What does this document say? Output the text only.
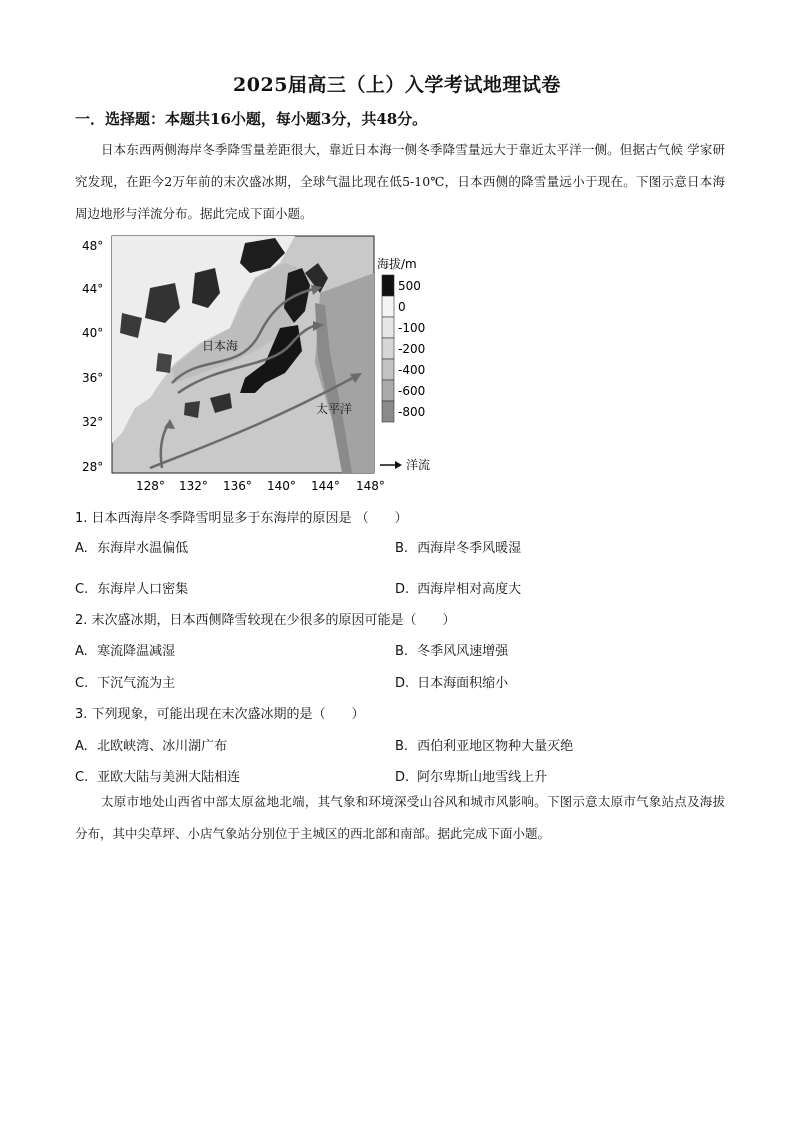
2025届高三（上）入学考试地理试卷
一．选择题：本题共16小题，每小题3分，共48分。

日本东西两侧海岸冬季降雪量差距很大，靠近日本海一侧冬季降雪量远大于靠近太平洋一侧。但据古气候 学家研究发现，在距今2万年前的末次盛冰期，全球气温比现在低5-10℃，日本西侧的降雪量远小于现在。下图示意日本海周边地形与洋流分布。据此完成下面小题。

48°
44°
40°
36°
32°
28°
日本海
太平洋
128° 132° 136° 140° 144° 148°
海拔/m
500
0
-100
-200
-400
-600
-800
洋流
1. 日本西海岸冬季降雪明显多于东海岸的原因是 （　　）
A. 东海岸水温偏低	B. 西海岸冬季风暖湿
C. 东海岸人口密集	D. 西海岸相对高度大
2. 末次盛冰期，日本西侧降雪较现在少很多的原因可能是（　　）
A. 寒流降温减湿	B. 冬季风风速增强
C. 下沉气流为主	D. 日本海面积缩小
3. 下列现象，可能出现在末次盛冰期的是（　　）
A. 北欧峡湾、冰川湖广布	B. 西伯利亚地区物种大量灭绝
C. 亚欧大陆与美洲大陆相连	D. 阿尔卑斯山地雪线上升

太原市地处山西省中部太原盆地北端，其气象和环境深受山谷风和城市风影响。下图示意太原市气象站点及海拔分布，其中尖草坪、小店气象站分别位于主城区的西北部和南部。据此完成下面小题。
